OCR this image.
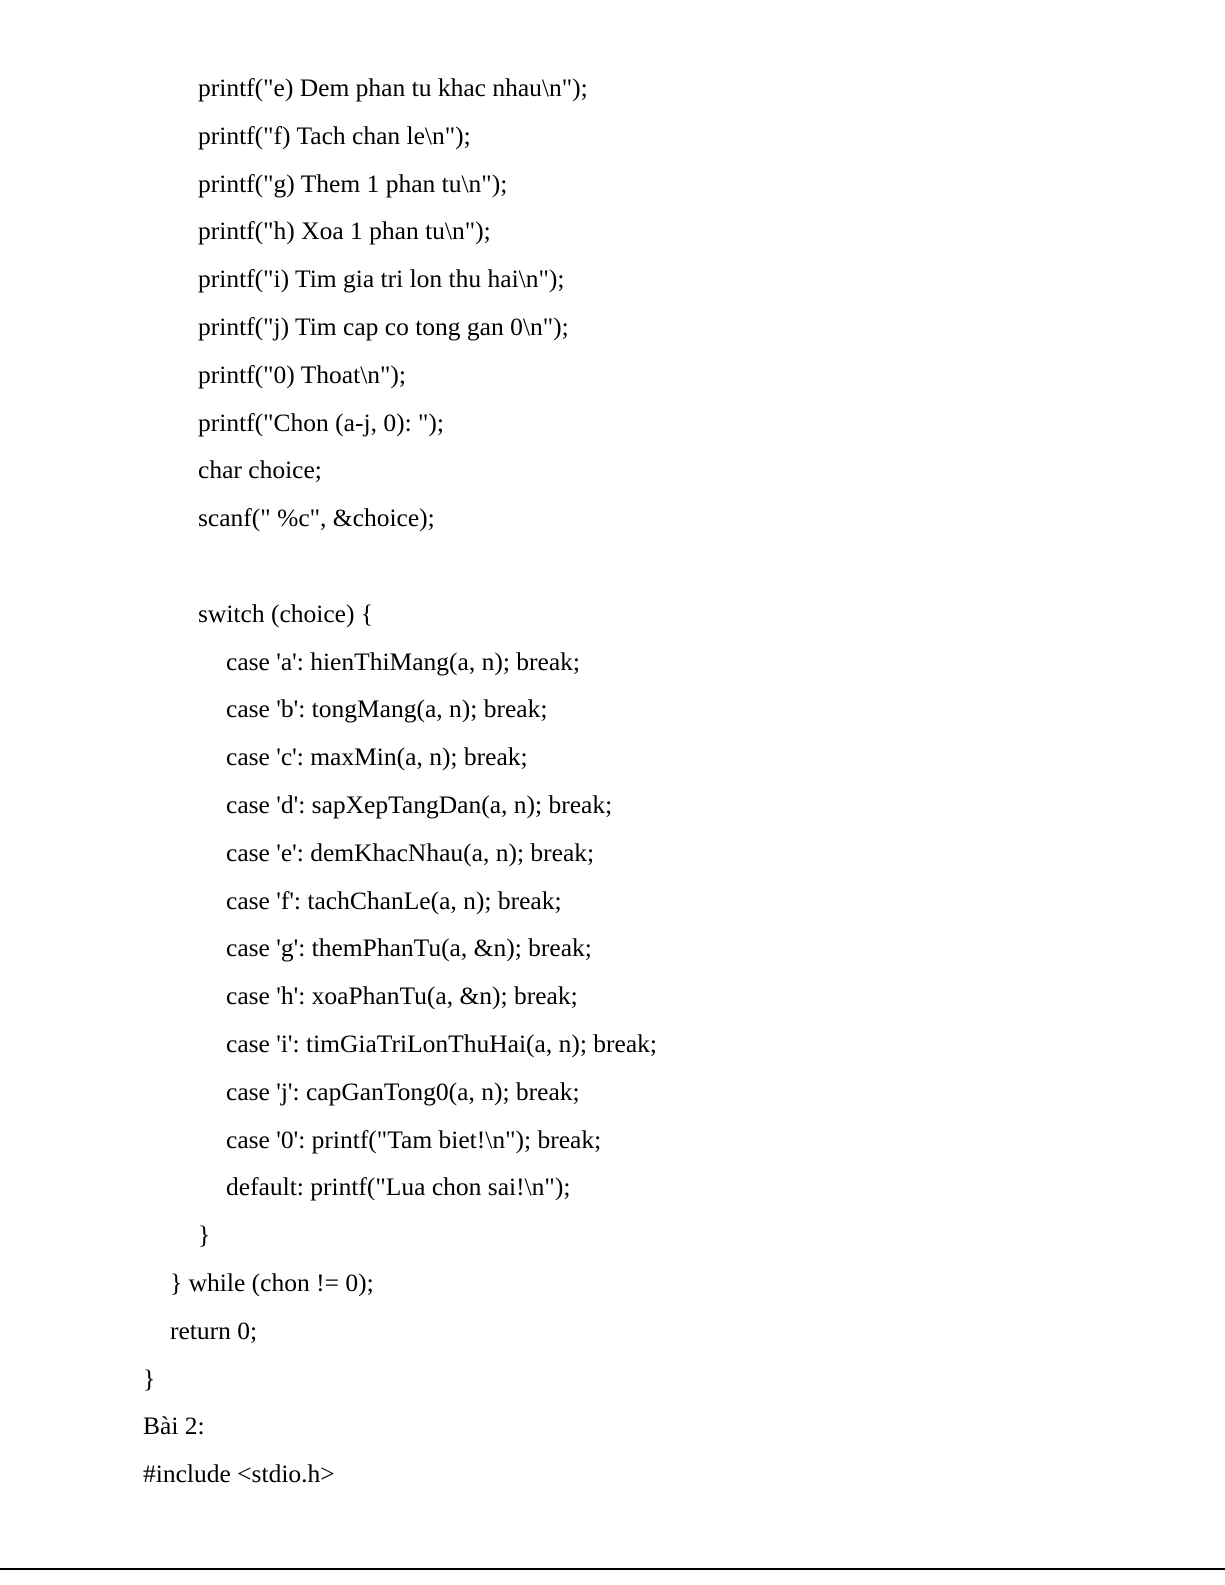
printf("e) Dem phan tu khac nhau\n");
printf("f) Tach chan le\n");
printf("g) Them 1 phan tu\n");
printf("h) Xoa 1 phan tu\n");
printf("i) Tim gia tri lon thu hai\n");
printf("j) Tim cap co tong gan 0\n");
printf("0) Thoat\n");
printf("Chon (a-j, 0): ");
char choice;
scanf(" %c", &choice);
switch (choice) {
case 'a': hienThiMang(a, n); break;
case 'b': tongMang(a, n); break;
case 'c': maxMin(a, n); break;
case 'd': sapXepTangDan(a, n); break;
case 'e': demKhacNhau(a, n); break;
case 'f': tachChanLe(a, n); break;
case 'g': themPhanTu(a, &n); break;
case 'h': xoaPhanTu(a, &n); break;
case 'i': timGiaTriLonThuHai(a, n); break;
case 'j': capGanTong0(a, n); break;
case '0': printf("Tam biet!\n"); break;
default: printf("Lua chon sai!\n");
}
} while (chon != 0);
return 0;
}
Bài 2:
#include <stdio.h>
